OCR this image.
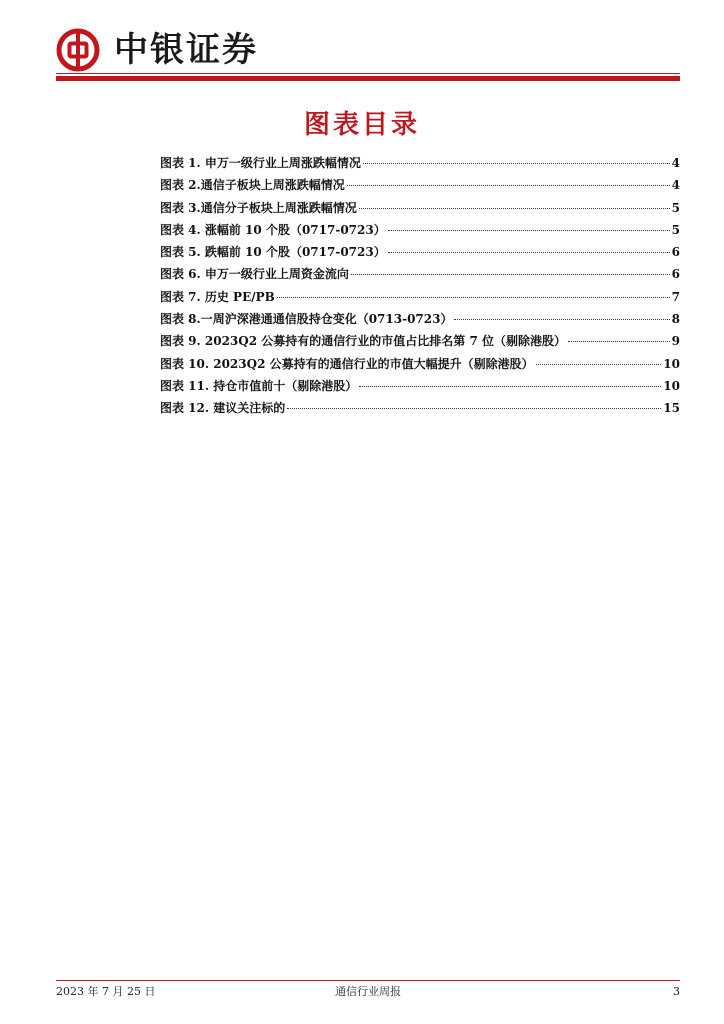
中银证券
图表目录
图表 1. 申万一级行业上周涨跌幅情况	4
图表 2.通信子板块上周涨跌幅情况	4
图表 3.通信分子板块上周涨跌幅情况	5
图表 4. 涨幅前 10 个股（0717-0723）	5
图表 5. 跌幅前 10 个股（0717-0723）	6
图表 6. 申万一级行业上周资金流向	6
图表 7. 历史 PE/PB	7
图表 8.一周沪深港通通信股持仓变化（0713-0723）	8
图表 9. 2023Q2 公募持有的通信行业的市值占比排名第 7 位（剔除港股）	9
图表 10. 2023Q2 公募持有的通信行业的市值大幅提升（剔除港股）	10
图表 11. 持仓市值前十（剔除港股）	10
图表 12. 建议关注标的	15
2023 年 7 月 25 日	通信行业周报	3
